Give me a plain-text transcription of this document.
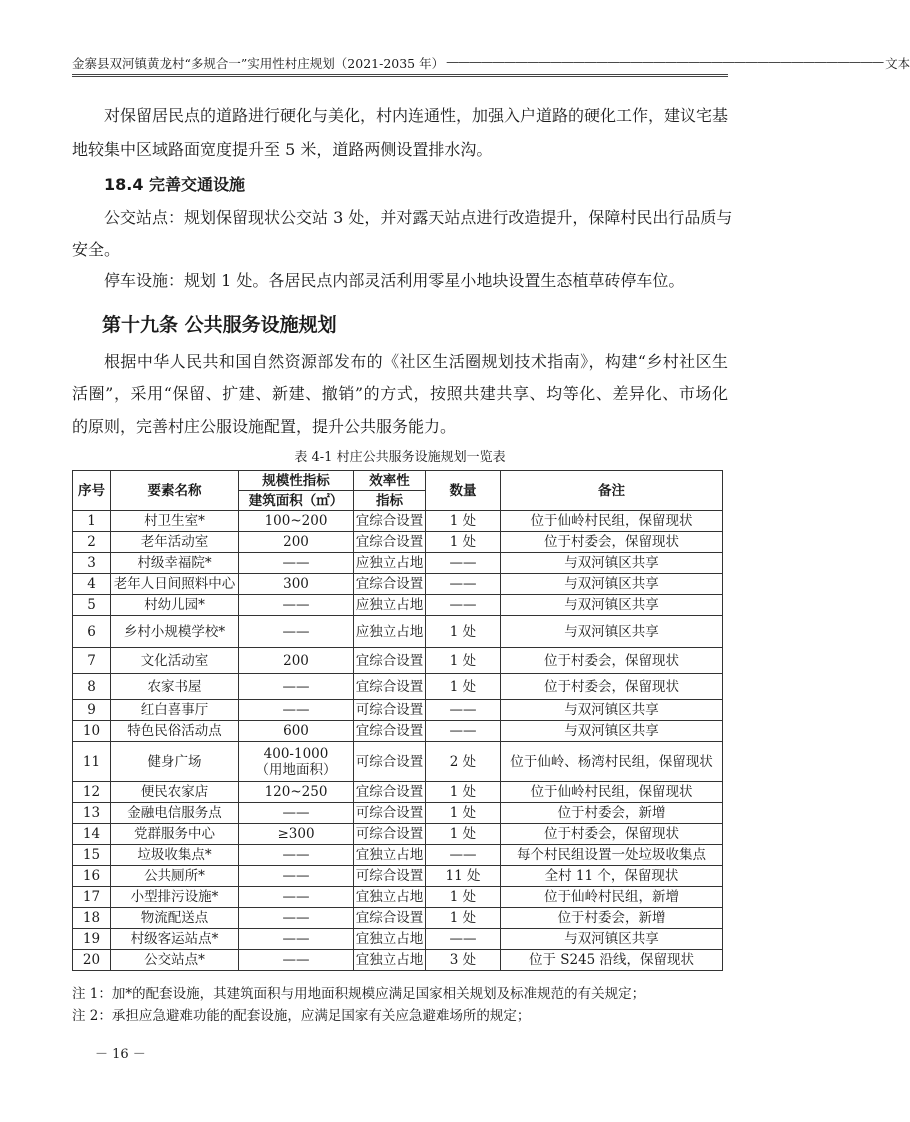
金寨县双河镇黄龙村“多规合一”实用性村庄规划（2021-2035 年） —————————————————————————————————————— 文本
对保留居民点的道路进行硬化与美化，村内连通性，加强入户道路的硬化工作，建议宅基
地较集中区域路面宽度提升至 5 米，道路两侧设置排水沟。
18.4 完善交通设施
公交站点：规划保留现状公交站 3 处，并对露天站点进行改造提升，保障村民出行品质与
安全。
停车设施：规划 1 处。各居民点内部灵活利用零星小地块设置生态植草砖停车位。
第十九条 公共服务设施规划
根据中华人民共和国自然资源部发布的《社区生活圈规划技术指南》，构建“乡村社区生
活圈”，采用“保留、扩建、新建、撤销”的方式，按照共建共享、均等化、差异化、市场化
的原则，完善村庄公服设施配置，提升公共服务能力。
表 4-1 村庄公共服务设施规划一览表
序号	要素名称	规模性指标	效率性	数量	备注
		建筑面积（㎡）	指标		
1	村卫生室*	100~200	宜综合设置	1 处	位于仙岭村民组，保留现状
2	老年活动室	200	宜综合设置	1 处	位于村委会，保留现状
3	村级幸福院*	——	应独立占地	——	与双河镇区共享
4	老年人日间照料中心	300	宜综合设置	——	与双河镇区共享
5	村幼儿园*	——	应独立占地	——	与双河镇区共享
6	乡村小规模学校*	——	应独立占地	1 处	与双河镇区共享
7	文化活动室	200	宜综合设置	1 处	位于村委会，保留现状
8	农家书屋	——	宜综合设置	1 处	位于村委会，保留现状
9	红白喜事厅	——	可综合设置	——	与双河镇区共享
10	特色民俗活动点	600	宜综合设置	——	与双河镇区共享
11	健身广场	400-1000
（用地面积）	可综合设置	2 处	位于仙岭、杨湾村民组，保留现状
12	便民农家店	120~250	宜综合设置	1 处	位于仙岭村民组，保留现状
13	金融电信服务点	——	可综合设置	1 处	位于村委会，新增
14	党群服务中心	≥300	可综合设置	1 处	位于村委会，保留现状
15	垃圾收集点*	——	宜独立占地	——	每个村民组设置一处垃圾收集点
16	公共厕所*	——	可综合设置	11 处	全村 11 个，保留现状
17	小型排污设施*	——	宜独立占地	1 处	位于仙岭村民组，新增
18	物流配送点	——	宜综合设置	1 处	位于村委会，新增
19	村级客运站点*	——	宜独立占地	——	与双河镇区共享
20	公交站点*	——	宜独立占地	3 处	位于 S245 沿线，保留现状
注 1：加*的配套设施，其建筑面积与用地面积规模应满足国家相关规划及标准规范的有关规定；
注 2：承担应急避难功能的配套设施，应满足国家有关应急避难场所的规定；
－ 16 －
